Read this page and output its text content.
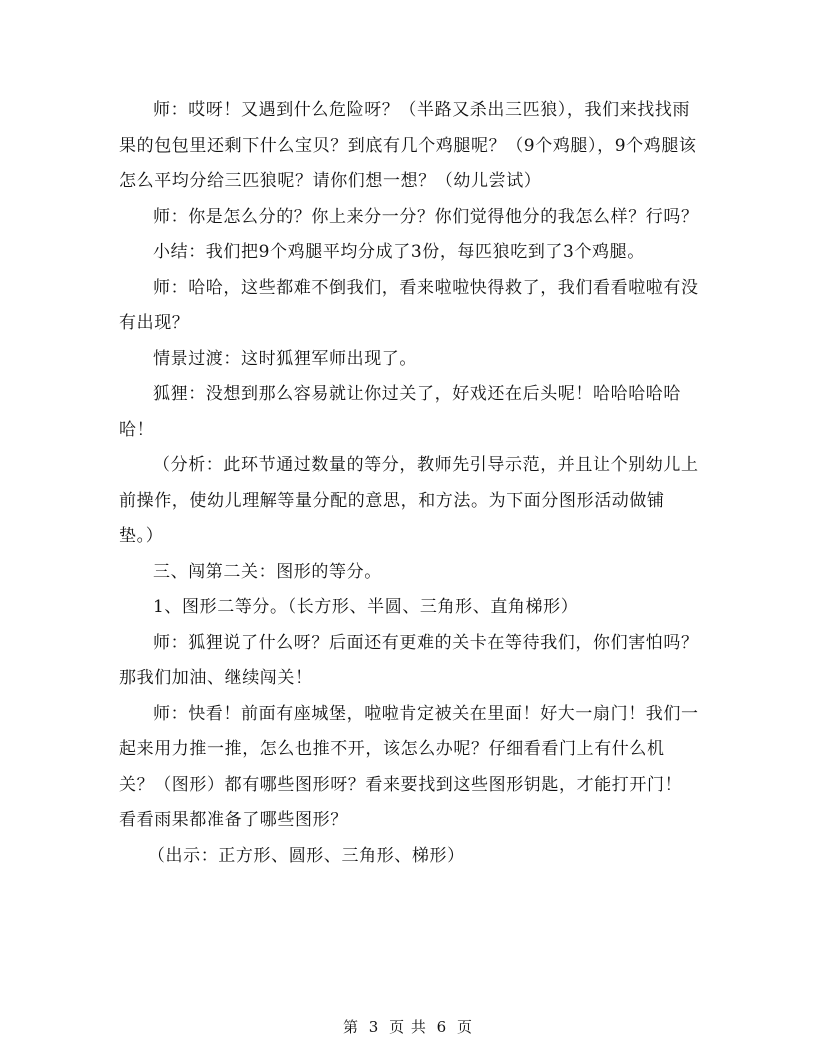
师：哎呀！又遇到什么危险呀？（半路又杀出三匹狼），我们来找找雨果的包包里还剩下什么宝贝？到底有几个鸡腿呢？（9个鸡腿），9个鸡腿该怎么平均分给三匹狼呢？请你们想一想？（幼儿尝试）

师：你是怎么分的？你上来分一分？你们觉得他分的我怎么样？行吗？

小结：我们把9个鸡腿平均分成了3份，每匹狼吃到了3个鸡腿。

师：哈哈，这些都难不倒我们，看来啦啦快得救了，我们看看啦啦有没有出现？

情景过渡：这时狐狸军师出现了。

狐狸：没想到那么容易就让你过关了，好戏还在后头呢！哈哈哈哈哈哈！

（分析：此环节通过数量的等分，教师先引导示范，并且让个别幼儿上前操作，使幼儿理解等量分配的意思，和方法。为下面分图形活动做铺垫。）

三、闯第二关：图形的等分。

1、图形二等分。（长方形、半圆、三角形、直角梯形）

师：狐狸说了什么呀？后面还有更难的关卡在等待我们，你们害怕吗？那我们加油、继续闯关！

师：快看！前面有座城堡，啦啦肯定被关在里面！好大一扇门！我们一起来用力推一推，怎么也推不开，该怎么办呢？仔细看看门上有什么机关？（图形）都有哪些图形呀？看来要找到这些图形钥匙，才能打开门！看看雨果都准备了哪些图形？

（出示：正方形、圆形、三角形、梯形）

第 3 页 共 6 页
